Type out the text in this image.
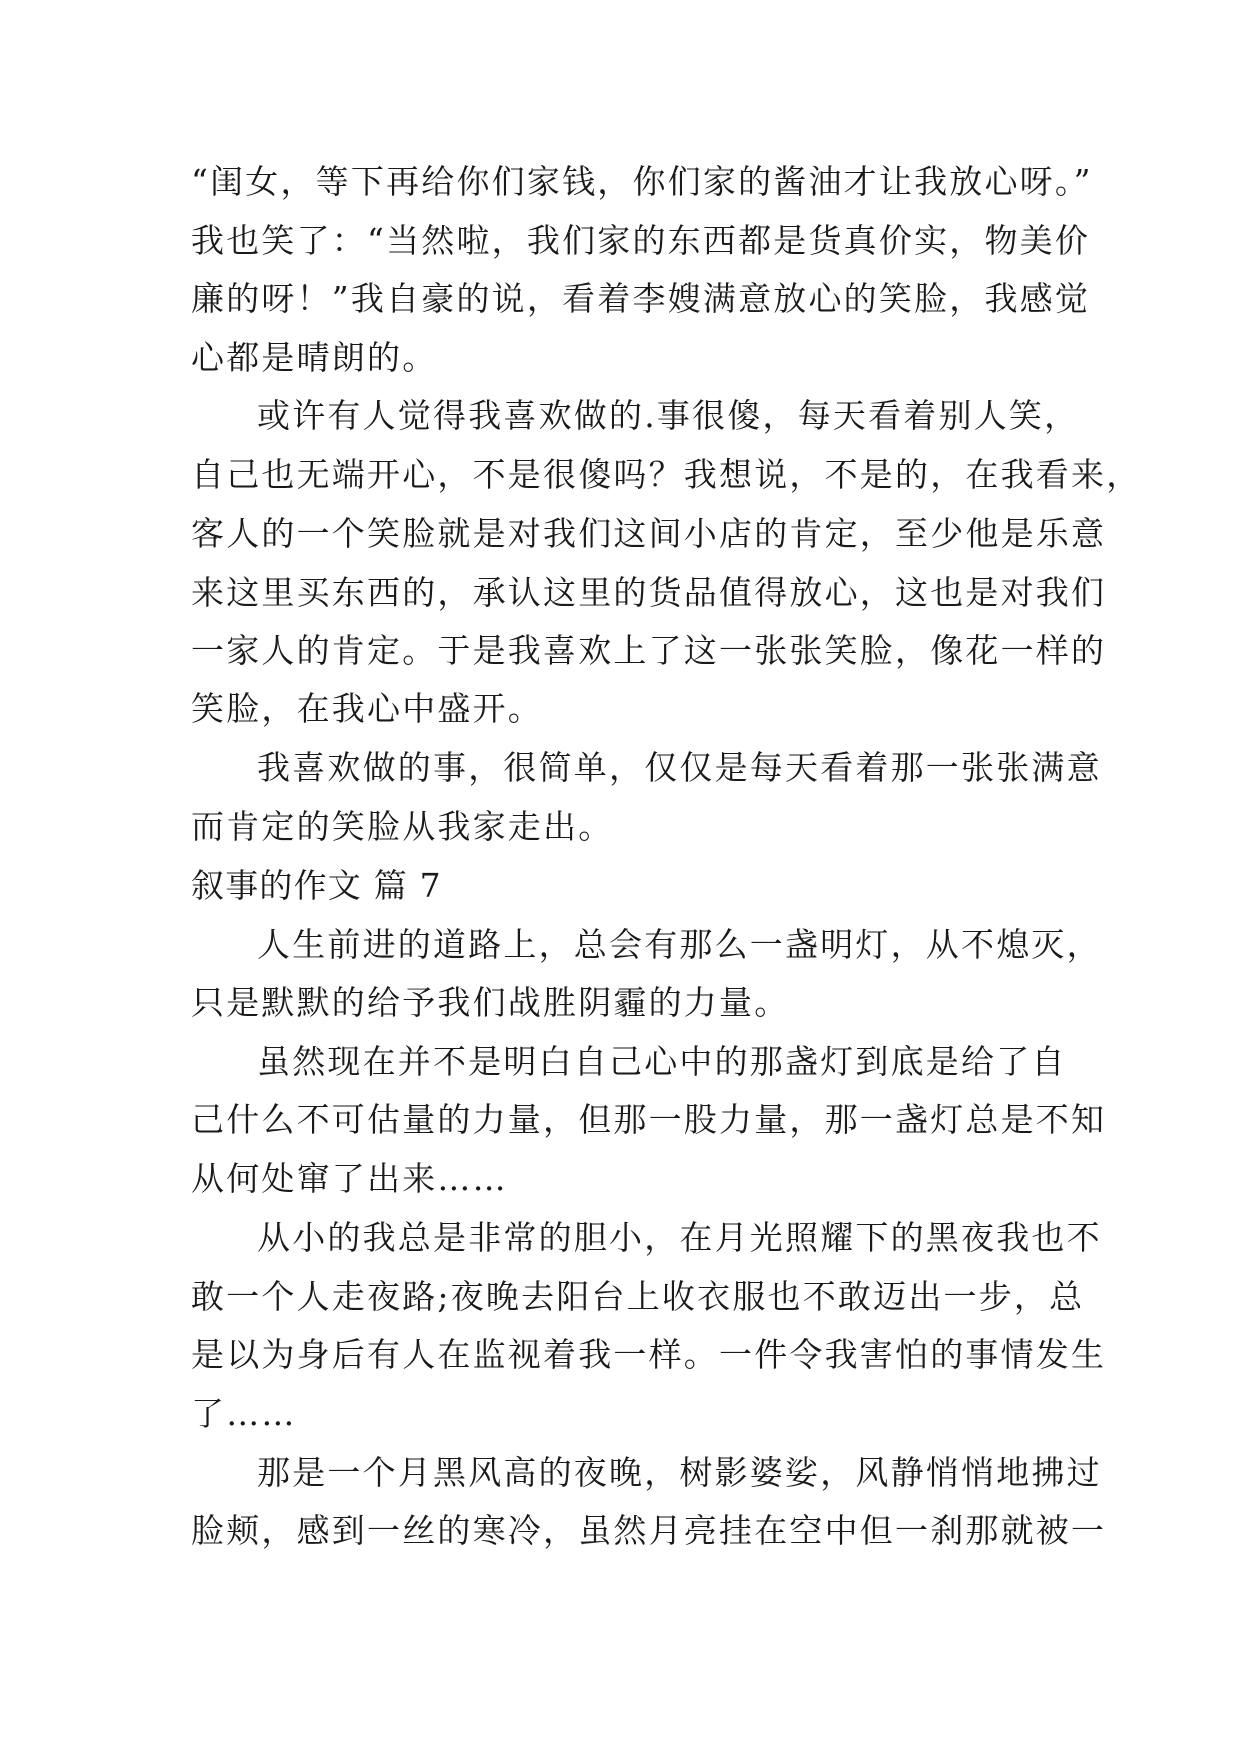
“闺女，等下再给你们家钱，你们家的酱油才让我放心呀。”
我也笑了：“当然啦，我们家的东西都是货真价实，物美价
廉的呀！”我自豪的说，看着李嫂满意放心的笑脸，我感觉
心都是晴朗的。
或许有人觉得我喜欢做的.事很傻，每天看着别人笑，
自己也无端开心，不是很傻吗？我想说，不是的，在我看来，
客人的一个笑脸就是对我们这间小店的肯定，至少他是乐意
来这里买东西的，承认这里的货品值得放心，这也是对我们
一家人的肯定。于是我喜欢上了这一张张笑脸，像花一样的
笑脸，在我心中盛开。
我喜欢做的事，很简单，仅仅是每天看着那一张张满意
而肯定的笑脸从我家走出。
叙事的作文 篇 7
人生前进的道路上，总会有那么一盏明灯，从不熄灭，
只是默默的给予我们战胜阴霾的力量。
虽然现在并不是明白自己心中的那盏灯到底是给了自
己什么不可估量的力量，但那一股力量，那一盏灯总是不知
从何处窜了出来……
从小的我总是非常的胆小，在月光照耀下的黑夜我也不
敢一个人走夜路;夜晚去阳台上收衣服也不敢迈出一步，总
是以为身后有人在监视着我一样。一件令我害怕的事情发生
了……
那是一个月黑风高的夜晚，树影婆娑，风静悄悄地拂过
脸颊，感到一丝的寒冷，虽然月亮挂在空中但一刹那就被一
